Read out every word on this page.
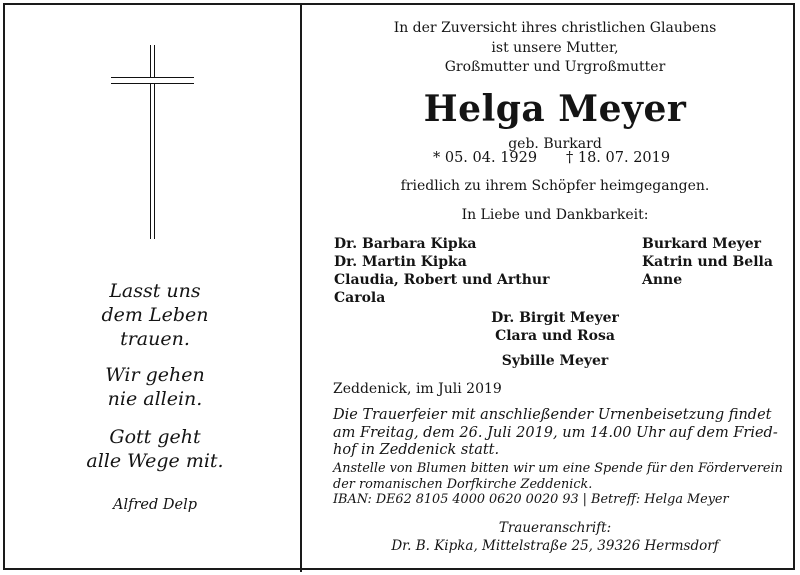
Lasst uns
dem Leben
trauen.
Wir gehen
nie allein.
Gott geht
alle Wege mit.
Alfred Delp
In der Zuversicht ihres christlichen Glaubens
ist unsere Mutter,
Großmutter und Urgroßmutter
Helga Meyer
geb. Burkard
* 05. 04. 1929 † 18. 07. 2019
friedlich zu ihrem Schöpfer heimgegangen.
In Liebe und Dankbarkeit:
Dr. Barbara Kipka
Dr. Martin Kipka
Claudia, Robert und Arthur
Carola
Burkard Meyer
Katrin und Bella
Anne
Dr. Birgit Meyer
Clara und Rosa
Sybille Meyer
Zeddenick, im Juli 2019
Die Trauerfeier mit anschließender Urnenbeisetzung findet
am Freitag, dem 26. Juli 2019, um 14.00 Uhr auf dem Fried-
hof in Zeddenick statt.
Anstelle von Blumen bitten wir um eine Spende für den Förderverein
der romanischen Dorfkirche Zeddenick.
IBAN: DE62 8105 4000 0620 0020 93 | Betreff: Helga Meyer
Traueranschrift:
Dr. B. Kipka, Mittelstraße 25, 39326 Hermsdorf
